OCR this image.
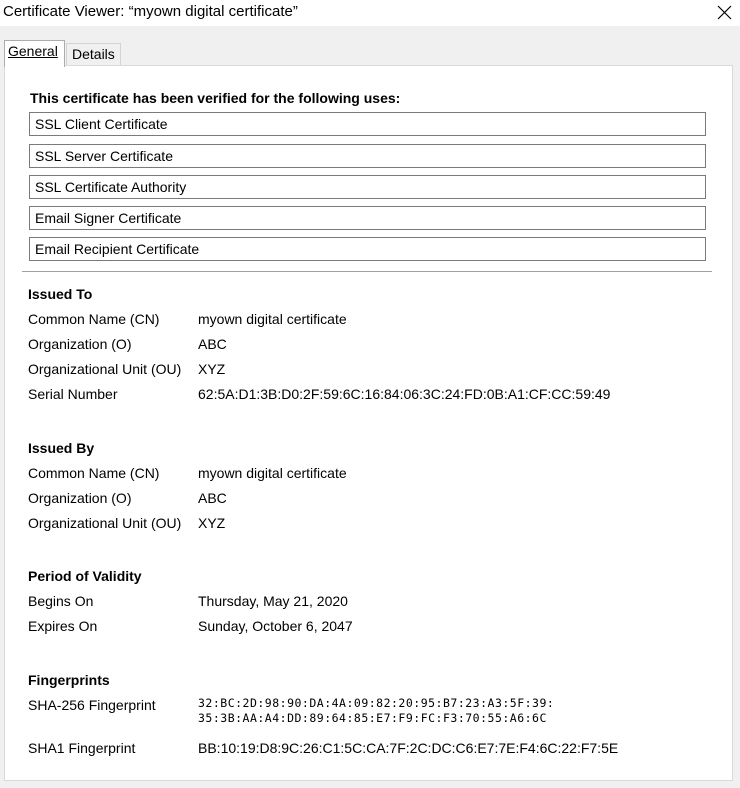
Certificate Viewer: “myown digital certificate”
General	Details
This certificate has been verified for the following uses:
SSL Client Certificate
SSL Server Certificate
SSL Certificate Authority
Email Signer Certificate
Email Recipient Certificate
Issued To
Common Name (CN)	myown digital certificate
Organization (O)	ABC
Organizational Unit (OU) XYZ
Serial Number	62:5A:D1:3B:D0:2F:59:6C:16:84:06:3C:24:FD:0B:A1:CF:CC:59:49
Issued By
Common Name (CN)	myown digital certificate
Organization (O)	ABC
Organizational Unit (OU) XYZ
Period of Validity
Begins On	Thursday, May 21, 2020
Expires On	Sunday, October 6, 2047
Fingerprints
SHA-256 Fingerprint	32:BC:2D:98:90:DA:4A:09:82:20:95:B7:23:A3:5F:39:
35:3B:AA:A4:DD:89:64:85:E7:F9:FC:F3:70:55:A6:6C
SHA1 Fingerprint	BB:10:19:D8:9C:26:C1:5C:CA:7F:2C:DC:C6:E7:7E:F4:6C:22:F7:5E
